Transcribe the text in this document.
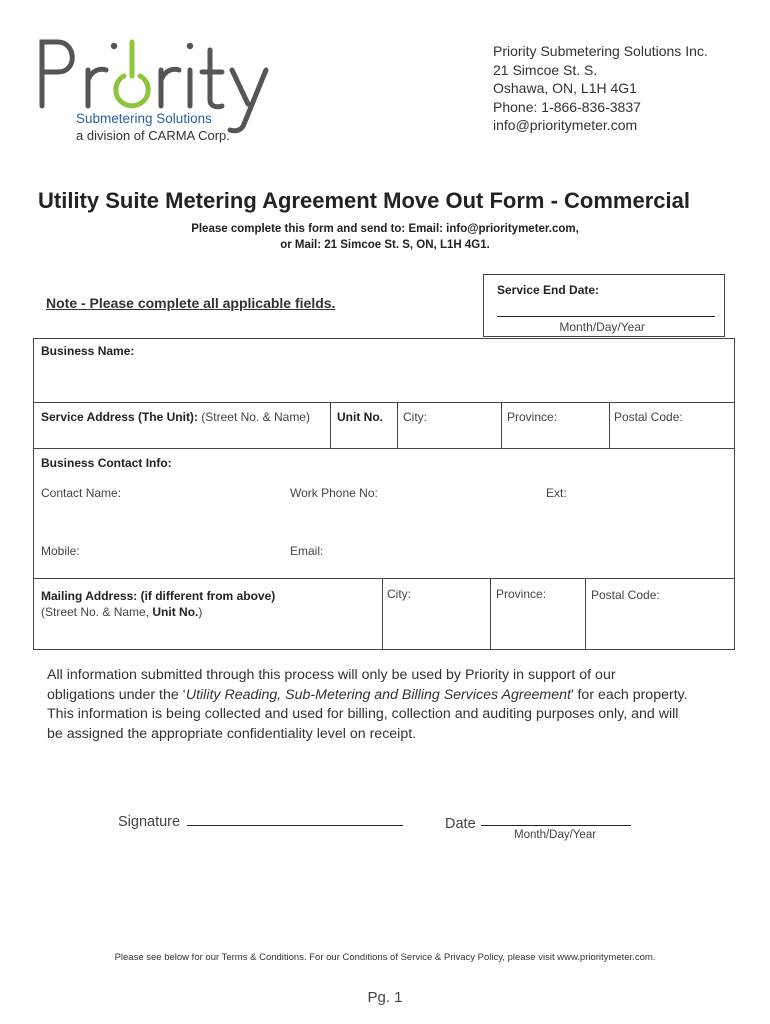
Submetering Solutions
a division of CARMA Corp.
Priority Submetering Solutions Inc.
21 Simcoe St. S.
Oshawa, ON, L1H 4G1
Phone: 1-866-836-3837
info@prioritymeter.com
Utility Suite Metering Agreement Move Out Form - Commercial
Please complete this form and send to: Email: info@prioritymeter.com,
or Mail: 21 Simcoe St. S, ON, L1H 4G1.
Note - Please complete all applicable fields.
Service End Date:
Month/Day/Year
Business Name:
Service Address (The Unit): (Street No. & Name) Unit No. City:	Province:	Postal Code:
Business Contact Info:
Contact Name:	Work Phone No:	Ext:
Mobile:	Email:
Mailing Address: (if different from above)
(Street No. & Name, Unit No.)
City:	Province:	Postal Code:
All information submitted through this process will only be used by Priority in support of our
obligations under the ‘Utility Reading, Sub-Metering and Billing Services Agreement’ for each property.
This information is being collected and used for billing, collection and auditing purposes only, and will
be assigned the appropriate confidentiality level on receipt.
Signature	Date
Month/Day/Year
Please see below for our Terms & Conditions. For our Conditions of Service & Privacy Policy, please visit www.prioritymeter.com.
Pg. 1
